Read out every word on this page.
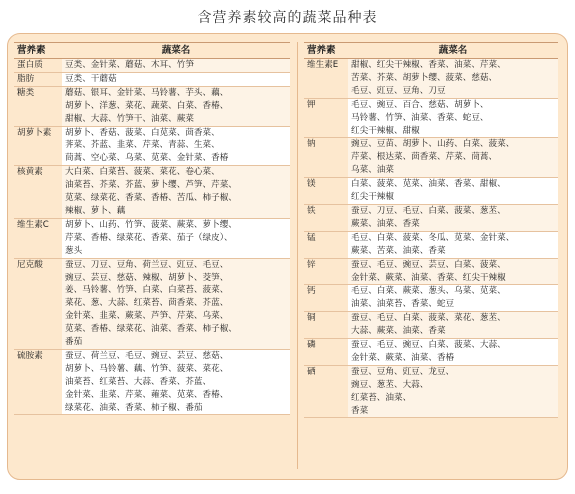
含营养素较高的蔬菜品种表
营养素	蔬菜名
蛋白质	豆类、金针菜、蘑菇、木耳、竹笋
脂肪	豆类、干蘑菇
糖类	蘑菇、银耳、金针菜、马铃薯、芋头、藕、
胡萝卜、洋葱、菜花、蔬菜、白菜、香椿、
甜椒、大蒜、竹笋干、油菜、蕨菜
胡萝卜素	胡萝卜、香菇、菠菜、白苋菜、茴香菜、
荠菜、芥蓝、韭菜、芹菜、青蒜、生菜、
茼蒿、空心菜、乌菜、苋菜、金针菜、香椿
核黄素	大白菜、白菜苔、菠菜、菜花、卷心菜、
油菜苔、芥菜、芥蓝、萝卜缨、芦笋、芹菜、
苋菜、绿菜花、香菜、香椿、苦瓜、柿子椒、
辣椒、萝卜、藕
维生素C	胡萝卜、山药、竹笋、菠菜、蕨菜、萝卜缨、
芹菜、香椿、绿菜花、香菜、茄子（绿皮）、
葱头
尼克酸	蚕豆、刀豆、豆角、荷兰豆、豇豆、毛豆、
豌豆、芸豆、慈菇、辣椒、胡萝卜、茭笋、
姜、马铃薯、竹笋、白菜、白菜苔、菠菜、
菜花、葱、大蒜、红菜苔、茴香菜、芥蓝、
金针菜、韭菜、蕨菜、芦笋、芹菜、乌菜、
苋菜、香椿、绿菜花、油菜、香菜、柿子椒、
番茄
硫胺素	蚕豆、荷兰豆、毛豆、豌豆、芸豆、慈菇、
胡萝卜、马铃薯、藕、竹笋、菠菜、菜花、
油菜苔、红菜苔、大蒜、香菜、芥蓝、
金针菜、韭菜、芹菜、蕹菜、苋菜、香椿、
绿菜花、油菜、香菜、柿子椒、番茄
营养素	蔬菜名
维生素E	甜椒、红尖干辣椒、香菜、油菜、芹菜、
苦菜、芥菜、胡萝卜缨、菠菜、慈菇、
毛豆、豇豆、豆角、刀豆
钾	毛豆、豌豆、百合、慈菇、胡萝卜、
马铃薯、竹笋、油菜、香菜、蛇豆、
红尖干辣椒、甜椒
钠	豌豆、豆苗、胡萝卜、山药、白菜、菠菜、
芹菜、根达菜、茴香菜、芹菜、茼蒿、
乌菜、油菜
镁	白菜、菠菜、苋菜、油菜、香菜、甜椒、
红尖干辣椒
铁	蚕豆、刀豆、毛豆、白菜、菠菜、葱苤、
蕨菜、油菜、香菜
锰	毛豆、白菜、菠菜、冬瓜、苋菜、金针菜、
蕨菜、苦菜、油菜、香菜
锌	蚕豆、毛豆、豌豆、芸豆、白菜、菠菜、
金针菜、蕨菜、油菜、香菜、红尖干辣椒
钙	毛豆、白菜、蕨菜、葱头、乌菜、苋菜、
油菜、油菜苔、香菜、蛇豆
铜	蚕豆、毛豆、白菜、菠菜、菜花、葱苤、
大蒜、蕨菜、油菜、香菜
磷	蚕豆、毛豆、豌豆、白菜、菠菜、大蒜、
金针菜、蕨菜、油菜、香椿
硒	蚕豆、豆角、豇豆、龙豆、
豌豆、葱苤、大蒜、
红菜苔、油菜、
香菜
